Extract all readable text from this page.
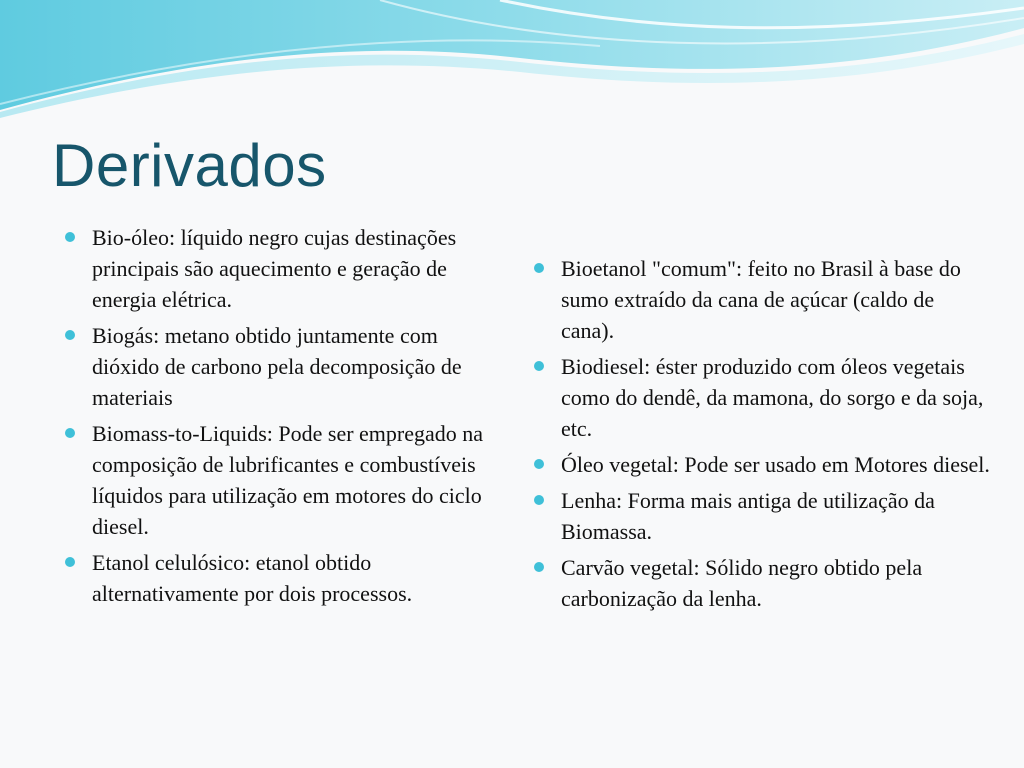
Derivados
Bio-óleo: líquido negro cujas destinações principais são aquecimento e geração de energia elétrica.
Biogás: metano obtido juntamente com dióxido de carbono pela decomposição de materiais
Biomass-to-Liquids: Pode ser empregado na composição de lubrificantes e combustíveis líquidos para utilização em motores do ciclo diesel.
Etanol celulósico: etanol obtido alternativamente por dois processos.
Bioetanol "comum": feito no Brasil à base do sumo extraído da cana de açúcar (caldo de cana).
Biodiesel: éster produzido com óleos vegetais como do dendê, da mamona, do sorgo e da soja, etc.
Óleo vegetal: Pode ser usado em Motores diesel.
Lenha: Forma mais antiga de utilização da Biomassa.
Carvão vegetal: Sólido negro obtido pela carbonização da lenha.
